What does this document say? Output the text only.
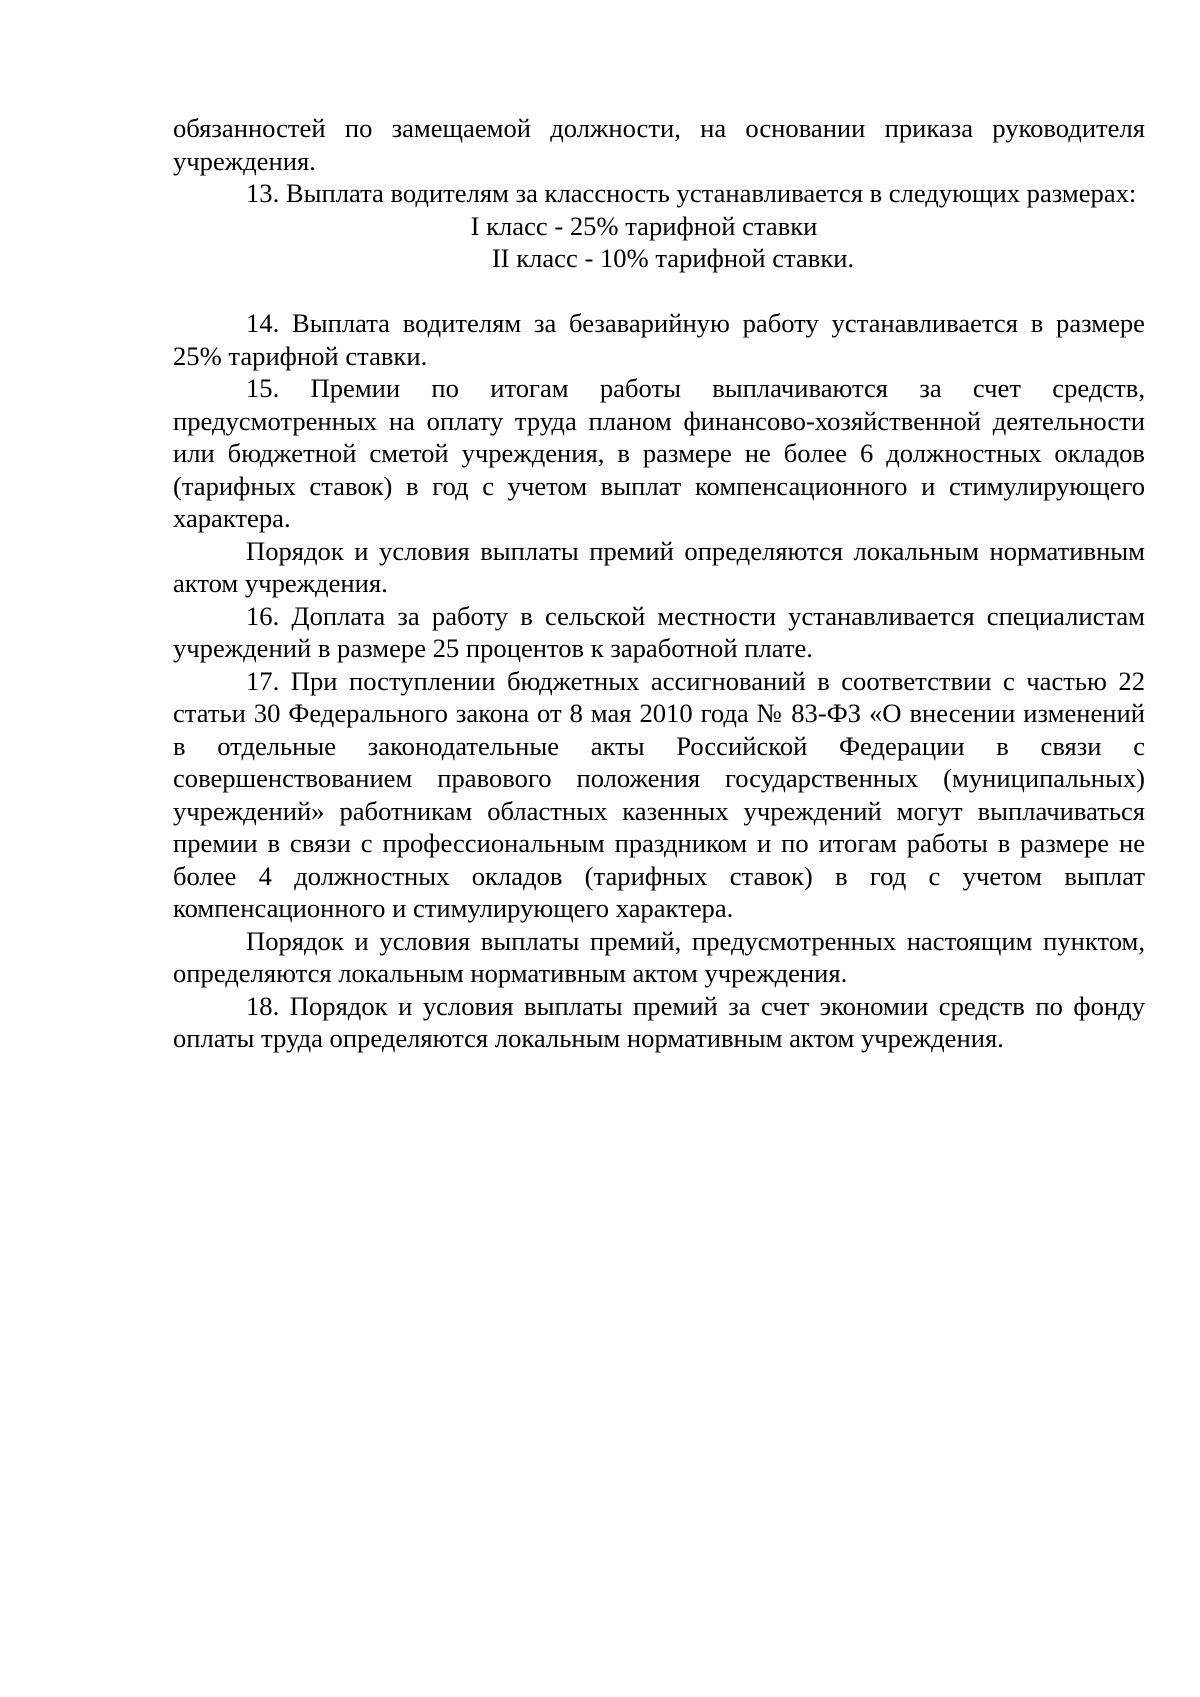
обязанностей по замещаемой должности, на основании приказа руководителя учреждения.

13. Выплата водителям за классность устанавливается в следующих размерах:

I класс - 25% тарифной ставки

II класс - 10% тарифной ставки.

14. Выплата водителям за безаварийную работу устанавливается в размере 25% тарифной ставки.

15. Премии по итогам работы выплачиваются за счет средств, предусмотренных на оплату труда планом финансово-хозяйственной деятельности или бюджетной сметой учреждения, в размере не более 6 должностных окладов (тарифных ставок) в год с учетом выплат компенсационного и стимулирующего характера.

Порядок и условия выплаты премий определяются локальным нормативным актом учреждения.

16. Доплата за работу в сельской местности устанавливается специалистам учреждений в размере 25 процентов к заработной плате.

17. При поступлении бюджетных ассигнований в соответствии с частью 22 статьи 30 Федерального закона от 8 мая 2010 года № 83-ФЗ «О внесении изменений в отдельные законодательные акты Российской Федерации в связи с совершенствованием правового положения государственных (муниципальных) учреждений» работникам областных казенных учреждений могут выплачиваться премии в связи с профессиональным праздником и по итогам работы в размере не более 4 должностных окладов (тарифных ставок) в год с учетом выплат компенсационного и стимулирующего характера.

Порядок и условия выплаты премий, предусмотренных настоящим пунктом, определяются локальным нормативным актом учреждения.

18. Порядок и условия выплаты премий за счет экономии средств по фонду оплаты труда определяются локальным нормативным актом учреждения.
